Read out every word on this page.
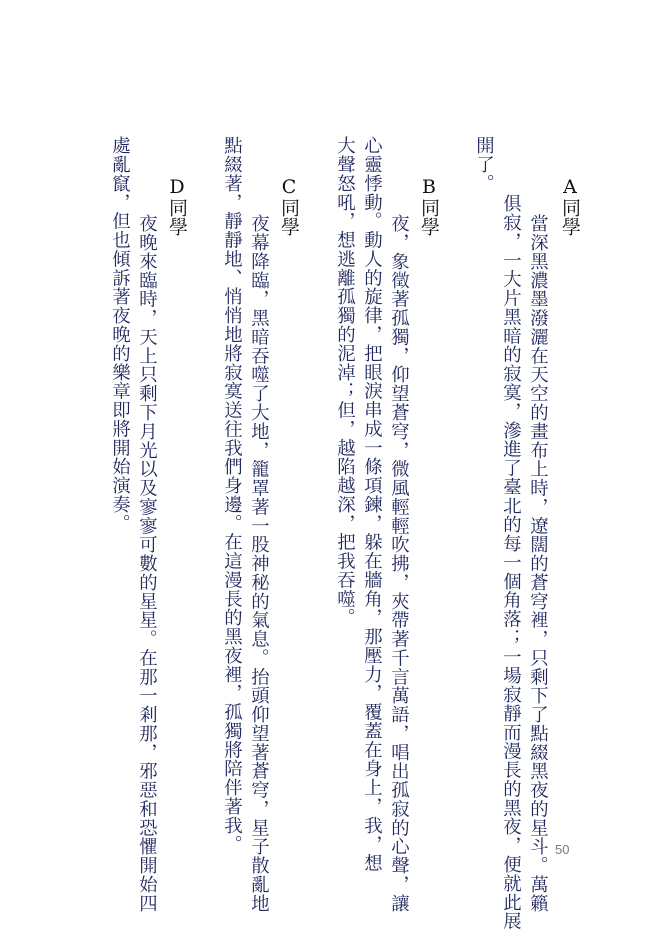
A同學
當深黑濃墨潑灑在天空的畫布上時，遼闊的蒼穹裡，只剩下了點綴黑夜的星斗。萬籟
俱寂，一大片黑暗的寂寞，滲進了臺北的每一個角落；一場寂靜而漫長的黑夜，便就此展
開了。
B同學
夜，象徵著孤獨，仰望蒼穹，微風輕輕吹拂，夾帶著千言萬語，唱出孤寂的心聲，讓
心靈悸動。動人的旋律，把眼淚串成一條項鍊，躲在牆角，那壓力，覆蓋在身上，我，想
大聲怒吼，想逃離孤獨的泥淖；但，越陷越深，把我吞噬。
C同學
夜幕降臨，黑暗吞噬了大地，籠罩著一股神秘的氣息。抬頭仰望著蒼穹，星子散亂地
點綴著，靜靜地、悄悄地將寂寞送往我們身邊。在這漫長的黑夜裡，孤獨將陪伴著我。
D同學
夜晚來臨時，天上只剩下月光以及寥寥可數的星星。在那一剎那，邪惡和恐懼開始四
處亂竄，但也傾訴著夜晚的樂章即將開始演奏。
50
